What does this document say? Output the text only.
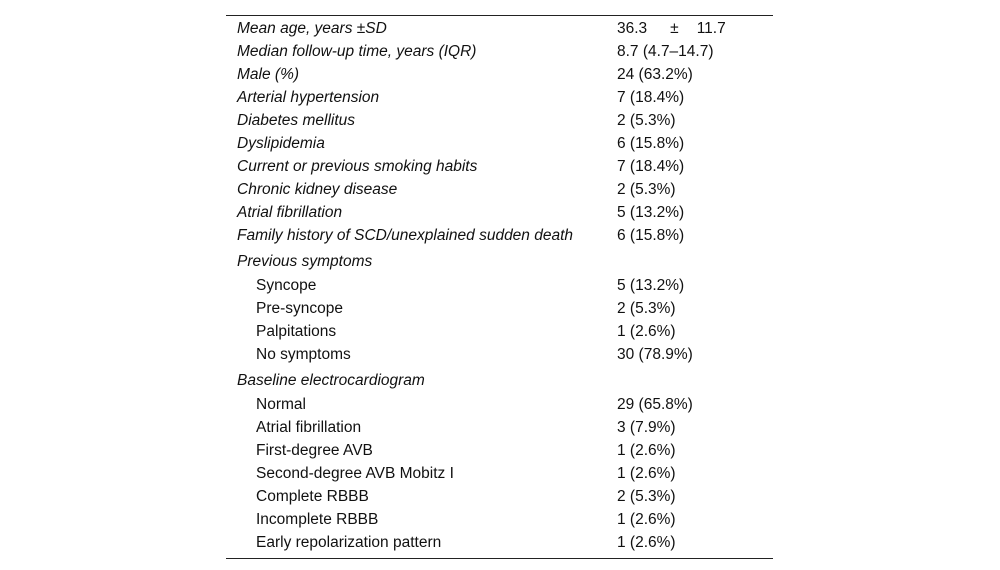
Mean age, years ±SD	36.3 ± 11.7
Median follow-up time, years (IQR)	8.7 (4.7–14.7)
Male (%)	24 (63.2%)
Arterial hypertension	7 (18.4%)
Diabetes mellitus	2 (5.3%)
Dyslipidemia	6 (15.8%)
Current or previous smoking habits	7 (18.4%)
Chronic kidney disease	2 (5.3%)
Atrial fibrillation	5 (13.2%)
Family history of SCD/unexplained sudden death	6 (15.8%)
Previous symptoms
Syncope	5 (13.2%)
Pre-syncope	2 (5.3%)
Palpitations	1 (2.6%)
No symptoms	30 (78.9%)
Baseline electrocardiogram
Normal	29 (65.8%)
Atrial fibrillation	3 (7.9%)
First-degree AVB	1 (2.6%)
Second-degree AVB Mobitz I	1 (2.6%)
Complete RBBB	2 (5.3%)
Incomplete RBBB	1 (2.6%)
Early repolarization pattern	1 (2.6%)
